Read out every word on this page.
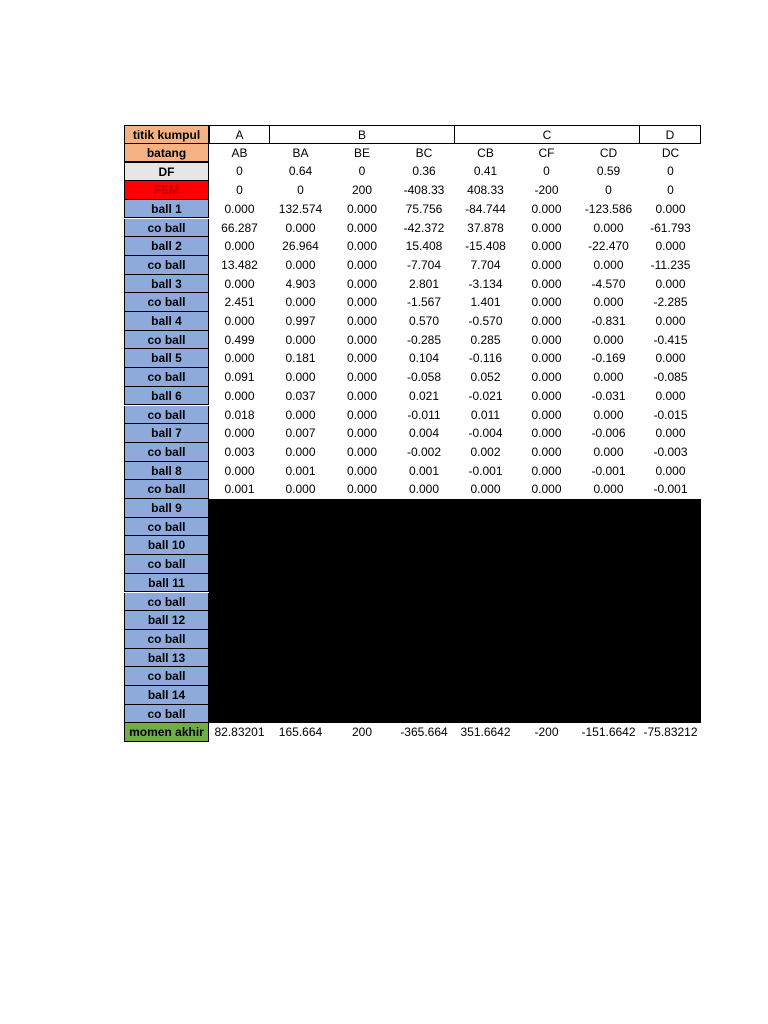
titik kumpul	A	B	C	D
batang	AB	BA	BE	BC	CB	CF	CD	DC
DF	0	0.64	0	0.36	0.41	0	0.59	0
FEM	0	0	200	-408.33	408.33	-200	0	0
ball 1	0.000	132.574	0.000	75.756	-84.744	0.000	-123.586	0.000
co ball	66.287	0.000	0.000	-42.372	37.878	0.000	0.000	-61.793
ball 2	0.000	26.964	0.000	15.408	-15.408	0.000	-22.470	0.000
co ball	13.482	0.000	0.000	-7.704	7.704	0.000	0.000	-11.235
ball 3	0.000	4.903	0.000	2.801	-3.134	0.000	-4.570	0.000
co ball	2.451	0.000	0.000	-1.567	1.401	0.000	0.000	-2.285
ball 4	0.000	0.997	0.000	0.570	-0.570	0.000	-0.831	0.000
co ball	0.499	0.000	0.000	-0.285	0.285	0.000	0.000	-0.415
ball 5	0.000	0.181	0.000	0.104	-0.116	0.000	-0.169	0.000
co ball	0.091	0.000	0.000	-0.058	0.052	0.000	0.000	-0.085
ball 6	0.000	0.037	0.000	0.021	-0.021	0.000	-0.031	0.000
co ball	0.018	0.000	0.000	-0.011	0.011	0.000	0.000	-0.015
ball 7	0.000	0.007	0.000	0.004	-0.004	0.000	-0.006	0.000
co ball	0.003	0.000	0.000	-0.002	0.002	0.000	0.000	-0.003
ball 8	0.000	0.001	0.000	0.001	-0.001	0.000	-0.001	0.000
co ball	0.001	0.000	0.000	0.000	0.000	0.000	0.000	-0.001
ball 9
co ball
ball 10
co ball
ball 11
co ball
ball 12
co ball
ball 13
co ball
ball 14
co ball
momen akhir 82.83201	165.664	200	-365.664	351.6642	-200	-151.6642 -75.83212
